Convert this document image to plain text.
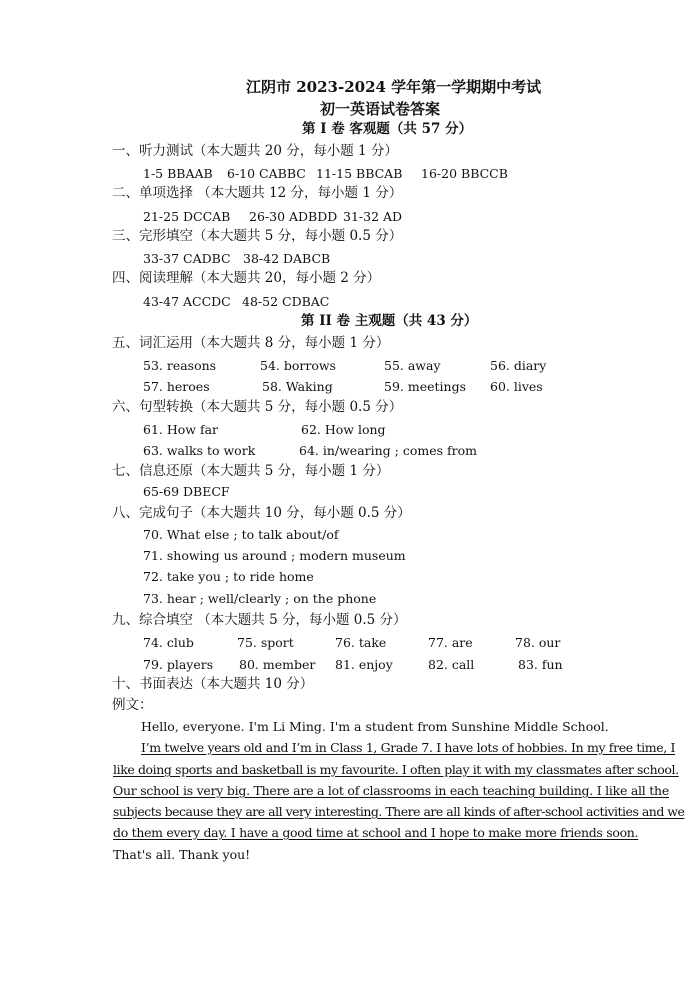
江阴市 2023-2024 学年第一学期期中考试
初一英语试卷答案
第 I 卷 客观题（共 57 分）
一、听力测试（本大题共 20 分，每小题 1 分）
1-5 BBAAB 6-10 CABBC 11-15 BBCAB 16-20 BBCCB
二、单项选择 （本大题共 12 分，每小题 1 分）
21-25 DCCAB 26-30 ADBDD 31-32 AD
三、完形填空（本大题共 5 分，每小题 0.5 分）
33-37 CADBC 38-42 DABCB
四、阅读理解（本大题共 20，每小题 2 分）
43-47 ACCDC 48-52 CDBAC
第 II 卷 主观题（共 43 分）
五、词汇运用（本大题共 8 分，每小题 1 分）
53. reasons	54. borrows	55. away	56. diary
57. heroes	58. Waking	59. meetings 60. lives
六、句型转换（本大题共 5 分，每小题 0.5 分）
61. How far	62. How long
63. walks to work	64. in/wearing ; comes from
七、信息还原（本大题共 5 分，每小题 1 分）
65-69 DBECF
八、完成句子（本大题共 10 分，每小题 0.5 分）
70. What else ; to talk about/of
71. showing us around ; modern museum
72. take you ; to ride home
73. hear ; well/clearly ; on the phone
九、综合填空 （本大题共 5 分，每小题 0.5 分）
74. club	75. sport	76. take	77. are	78. our
79. players 80. member 81. enjoy	82. call	83. fun
十、书面表达（本大题共 10 分）
例文：
Hello, everyone. I'm Li Ming. I'm a student from Sunshine Middle School.
I’m twelve years old and I’m in Class 1, Grade 7. I have lots of hobbies. In my free time, I
like doing sports and basketball is my favourite. I often play it with my classmates after school.
Our school is very big. There are a lot of classrooms in each teaching building. I like all the
subjects because they are all very interesting. There are all kinds of after-school activities and we
do them every day. I have a good time at school and I hope to make more friends soon.
That's all. Thank you!
